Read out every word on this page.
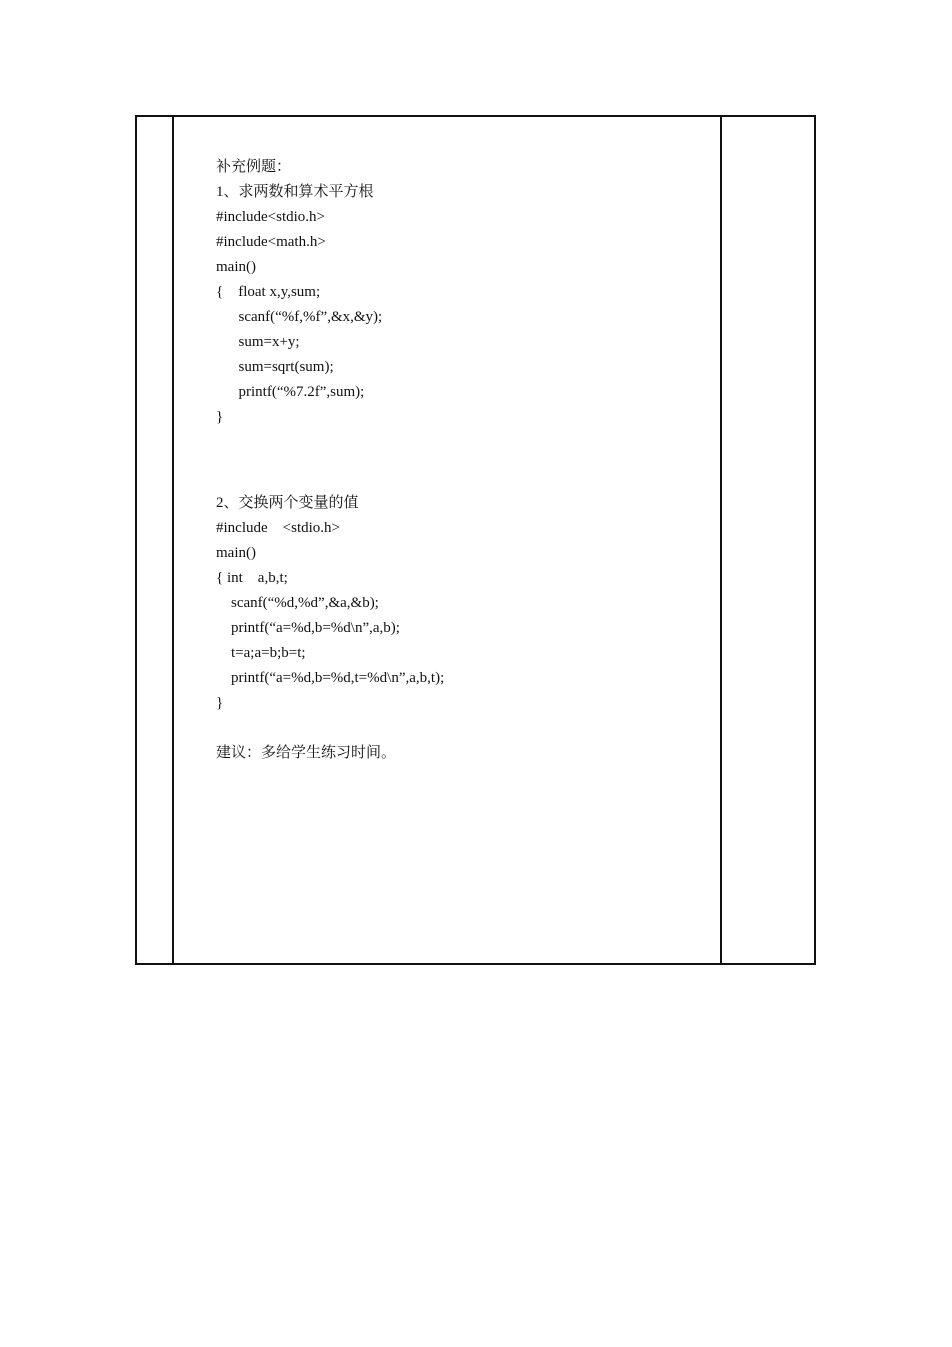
补充例题：
1、求两数和算术平方根
#include<stdio.h>
#include<math.h>
main()
{    float x,y,sum;
scanf(“%f,%f”,&x,&y);
sum=x+y;
sum=sqrt(sum);
printf(“%7.2f”,sum);
}
2、交换两个变量的值
#include    <stdio.h>
main()
{ int    a,b,t;
scanf(“%d,%d”,&a,&b);
printf(“a=%d,b=%d\n”,a,b);
t=a;a=b;b=t;
printf(“a=%d,b=%d,t=%d\n”,a,b,t);
}
建议：多给学生练习时间。
